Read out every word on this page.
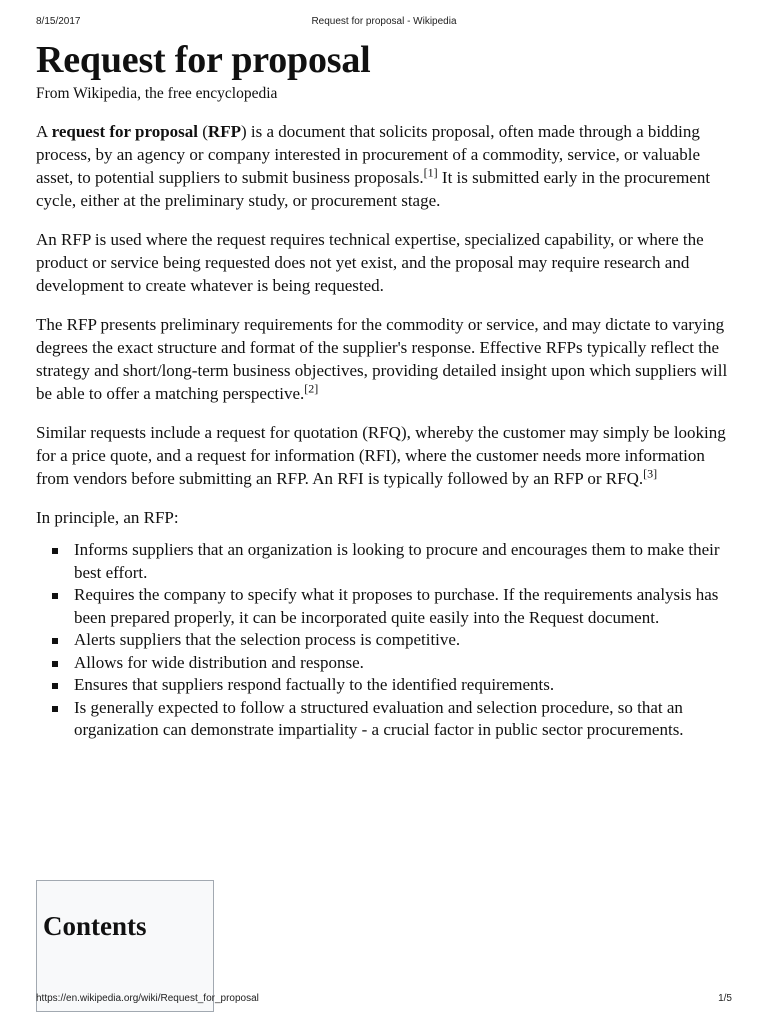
8/15/2017	Request for proposal - Wikipedia
Request for proposal
From Wikipedia, the free encyclopedia

A request for proposal (RFP) is a document that solicits proposal, often made through a bidding process, by an agency or company interested in procurement of a commodity, service, or valuable asset, to potential suppliers to submit business proposals.[1] It is submitted early in the procurement cycle, either at the preliminary study, or procurement stage.

An RFP is used where the request requires technical expertise, specialized capability, or where the product or service being requested does not yet exist, and the proposal may require research and development to create whatever is being requested.

The RFP presents preliminary requirements for the commodity or service, and may dictate to varying degrees the exact structure and format of the supplier's response. Effective RFPs typically reflect the strategy and short/long-term business objectives, providing detailed insight upon which suppliers will be able to offer a matching perspective.[2]

Similar requests include a request for quotation (RFQ), whereby the customer may simply be looking for a price quote, and a request for information (RFI), where the customer needs more information from vendors before submitting an RFP. An RFI is typically followed by an RFP or RFQ.[3]

In principle, an RFP:

Informs suppliers that an organization is looking to procure and encourages them to make their best effort.
Requires the company to specify what it proposes to purchase. If the requirements analysis has been prepared properly, it can be incorporated quite easily into the Request document.
Alerts suppliers that the selection process is competitive.
Allows for wide distribution and response.
Ensures that suppliers respond factually to the identified requirements.
Is generally expected to follow a structured evaluation and selection procedure, so that an organization can demonstrate impartiality - a crucial factor in public sector procurements.
Contents
https://en.wikipedia.org/wiki/Request_for_proposal	1/5
